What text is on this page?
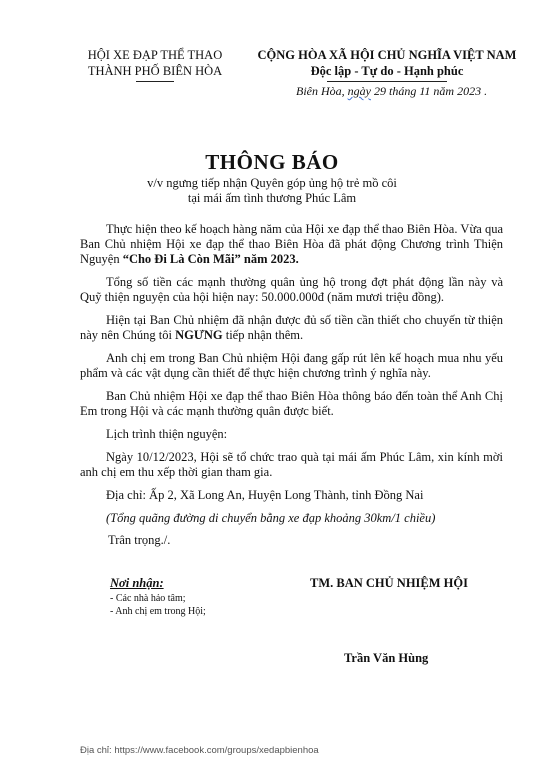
HỘI XE ĐẠP THỂ THAO
THÀNH PHỐ BIÊN HÒA
CỘNG HÒA XÃ HỘI CHỦ NGHĨA VIỆT NAM
Độc lập - Tự do - Hạnh phúc
Biên Hòa, ngày 29 tháng 11 năm 2023 .
THÔNG BÁO
v/v ngưng tiếp nhận Quyên góp ủng hộ trẻ mồ côi
tại mái ấm tình thương Phúc Lâm

Thực hiện theo kế hoạch hàng năm của Hội xe đạp thể thao Biên Hòa. Vừa qua Ban Chủ nhiệm Hội xe đạp thể thao Biên Hòa đã phát động Chương trình Thiện Nguyện “Cho Đi Là Còn Mãi” năm 2023.

Tổng số tiền các mạnh thường quân ủng hộ trong đợt phát động lần này và Quỹ thiện nguyện của hội hiện nay: 50.000.000đ (năm mươi triệu đồng).

Hiện tại Ban Chủ nhiệm đã nhận được đủ số tiền cần thiết cho chuyến từ thiện này nên Chúng tôi NGƯNG tiếp nhận thêm.

Anh chị em trong Ban Chủ nhiệm Hội đang gấp rút lên kế hoạch mua nhu yếu phẩm và các vật dụng cần thiết để thực hiện chương trình ý nghĩa này.

Ban Chủ nhiệm Hội xe đạp thể thao Biên Hòa thông báo đến toàn thể Anh Chị Em trong Hội và các mạnh thường quân được biết.

Lịch trình thiện nguyện:

Ngày 10/12/2023, Hội sẽ tổ chức trao quà tại mái ấm Phúc Lâm, xin kính mời anh chị em thu xếp thời gian tham gia.

Địa chỉ: Ấp 2, Xã Long An, Huyện Long Thành, tỉnh Đồng Nai

(Tổng quãng đường di chuyển bằng xe đạp khoảng 30km/1 chiều)

Trân trọng./.
Nơi nhận:
- Các nhà hảo tâm;
- Anh chị em trong Hội;
TM. BAN CHỦ NHIỆM HỘI
Trần Văn Hùng
Địa chỉ: https://www.facebook.com/groups/xedapbienhoa
